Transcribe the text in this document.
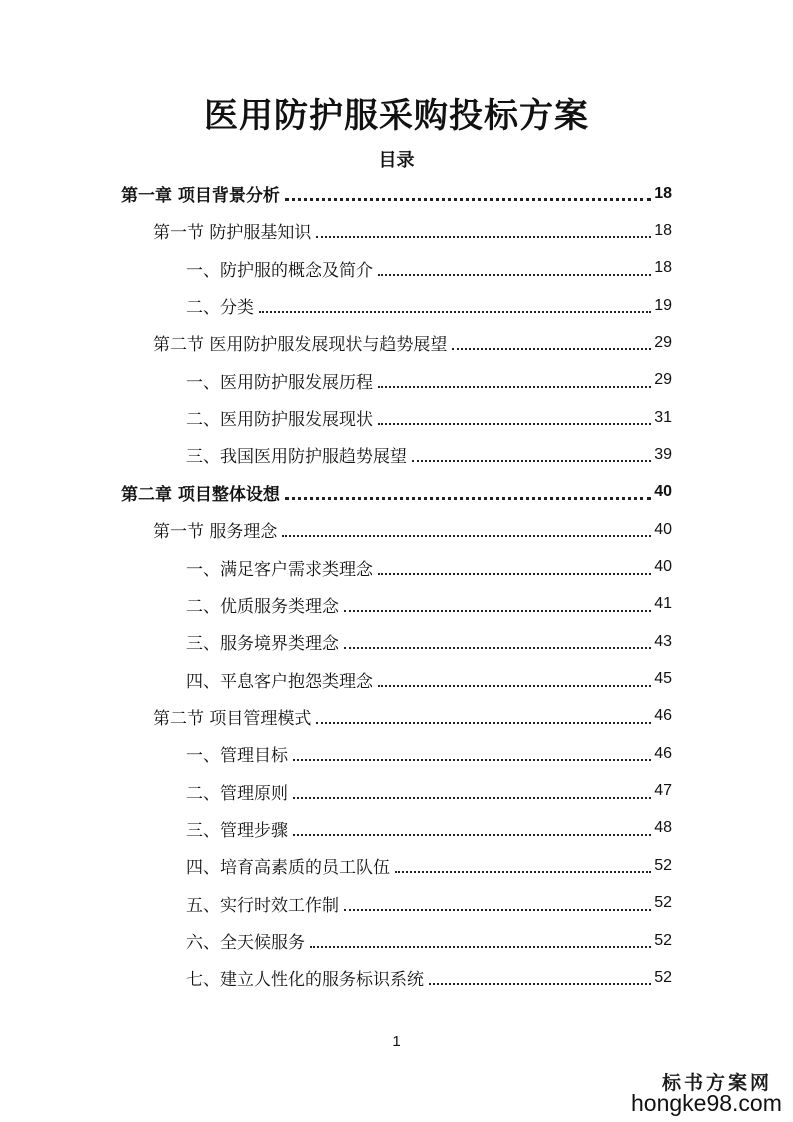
医用防护服采购投标方案
目录
第一章 项目背景分析	18
第一节 防护服基知识	18
一、防护服的概念及简介	18
二、分类	19
第二节 医用防护服发展现状与趋势展望	29
一、医用防护服发展历程	29
二、医用防护服发展现状	31
三、我国医用防护服趋势展望	39
第二章 项目整体设想	40
第一节 服务理念	40
一、满足客户需求类理念	40
二、优质服务类理念	41
三、服务境界类理念	43
四、平息客户抱怨类理念	45
第二节 项目管理模式	46
一、管理目标	46
二、管理原则	47
三、管理步骤	48
四、培育高素质的员工队伍	52
五、实行时效工作制	52
六、全天候服务	52
七、建立人性化的服务标识系统	52
1
标书方案网
hongke98.com
